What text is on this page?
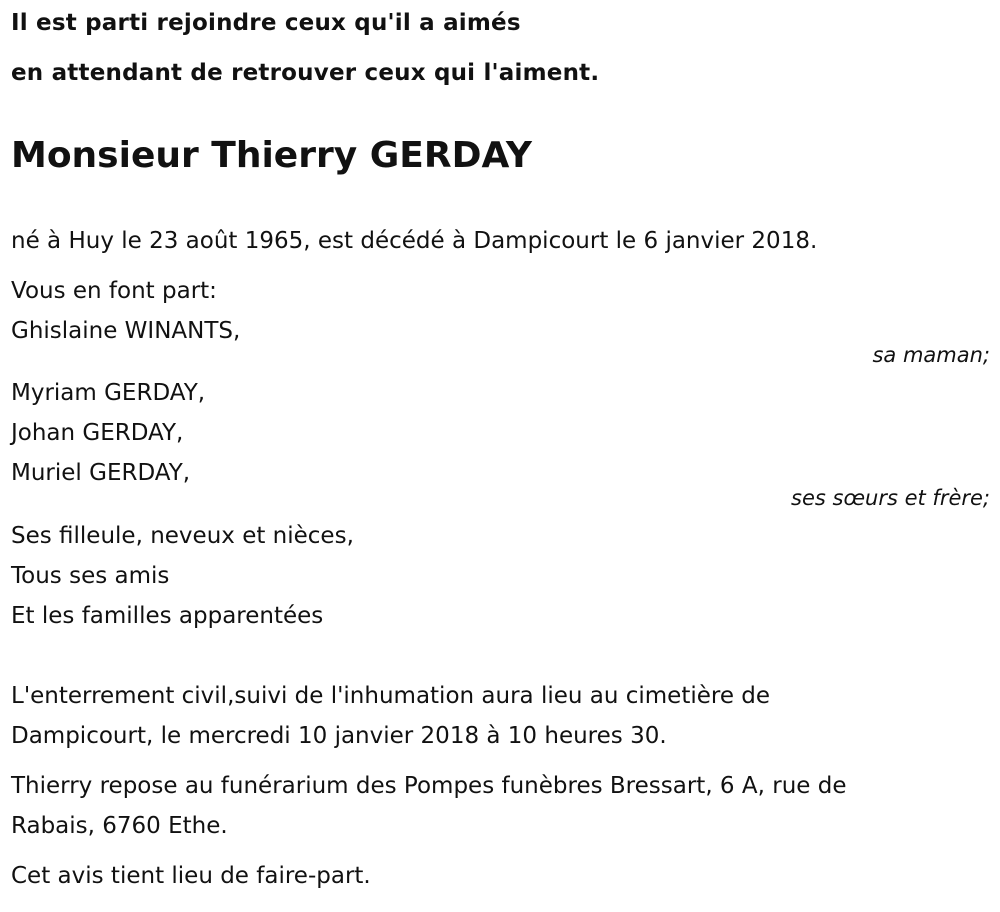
Il est parti rejoindre ceux qu'il a aimés
en attendant de retrouver ceux qui l'aiment.
Monsieur Thierry GERDAY
né à Huy le 23 août 1965, est décédé à Dampicourt le 6 janvier 2018.
Vous en font part:
Ghislaine WINANTS,
sa maman;
Myriam GERDAY,
Johan GERDAY,
Muriel GERDAY,
ses sœurs et frère;
Ses filleule, neveux et nièces,
Tous ses amis
Et les familles apparentées
L'enterrement civil,suivi de l'inhumation aura lieu au cimetière de
Dampicourt, le mercredi 10 janvier 2018 à 10 heures 30.
Thierry repose au funérarium des Pompes funèbres Bressart, 6 A, rue de
Rabais, 6760 Ethe.
Cet avis tient lieu de faire-part.
